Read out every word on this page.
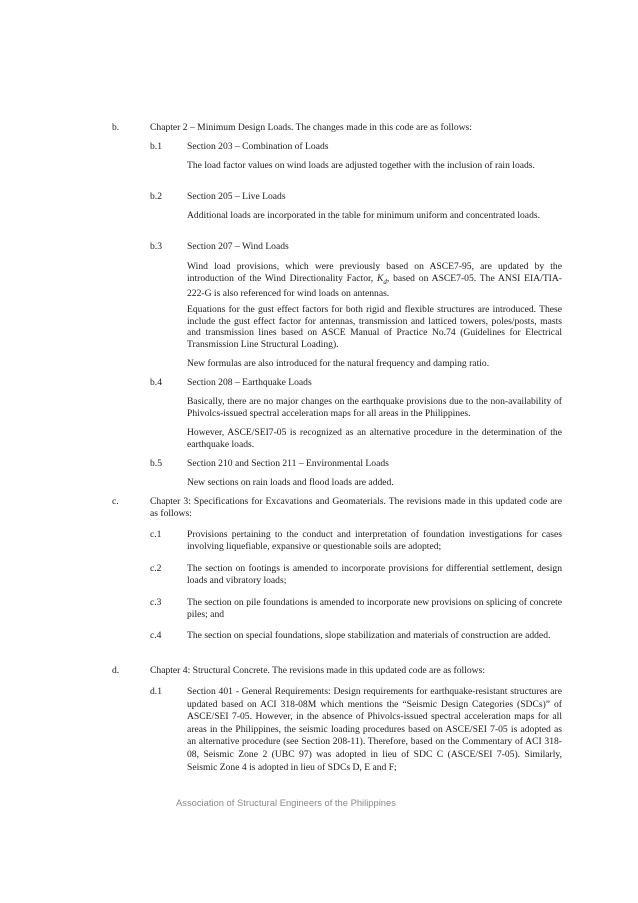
b.	Chapter 2 – Minimum Design Loads. The changes made in this code are as follows:
b.1	Section 203 – Combination of Loads
The load factor values on wind loads are adjusted together with the inclusion of rain loads.
b.2	Section 205 – Live Loads
Additional loads are incorporated in the table for minimum uniform and concentrated loads.
b.3	Section 207 – Wind Loads
Wind load provisions, which were previously based on ASCE7-95, are updated by the introduction of the Wind Directionality Factor, $K_d$, based on ASCE7-05. The ANSI EIA/TIA-222-G is also referenced for wind loads on antennas.
Equations for the gust effect factors for both rigid and flexible structures are introduced. These include the gust effect factor for antennas, transmission and latticed towers, poles/posts, masts and transmission lines based on ASCE Manual of Practice No.74 (Guidelines for Electrical Transmission Line Structural Loading).
New formulas are also introduced for the natural frequency and damping ratio.
b.4	Section 208 – Earthquake Loads
Basically, there are no major changes on the earthquake provisions due to the non-availability of Phivolcs-issued spectral acceleration maps for all areas in the Philippines.
However, ASCE/SEI7-05 is recognized as an alternative procedure in the determination of the earthquake loads.
b.5	Section 210 and Section 211 – Environmental Loads
New sections on rain loads and flood loads are added.
c.	Chapter 3: Specifications for Excavations and Geomaterials. The revisions made in this updated code are as follows:
c.1	Provisions pertaining to the conduct and interpretation of foundation investigations for cases involving liquefiable, expansive or questionable soils are adopted;
c.2	The section on footings is amended to incorporate provisions for differential settlement, design loads and vibratory loads;
c.3	The section on pile foundations is amended to incorporate new provisions on splicing of concrete piles; and
c.4	The section on special foundations, slope stabilization and materials of construction are added.
d.	Chapter 4: Structural Concrete. The revisions made in this updated code are as follows:
d.1	Section 401 - General Requirements: Design requirements for earthquake-resistant structures are updated based on ACI 318-08M which mentions the “Seismic Design Categories (SDCs)” of ASCE/SEI 7-05. However, in the absence of Phivolcs-issued spectral acceleration maps for all areas in the Philippines, the seismic loading procedures based on ASCE/SEI 7-05 is adopted as an alternative procedure (see Section 208-11). Therefore, based on the Commentary of ACI 318-08, Seismic Zone 2 (UBC 97) was adopted in lieu of SDC C (ASCE/SEI 7-05). Similarly, Seismic Zone 4 is adopted in lieu of SDCs D, E and F;
Association of Structural Engineers of the Philippines
